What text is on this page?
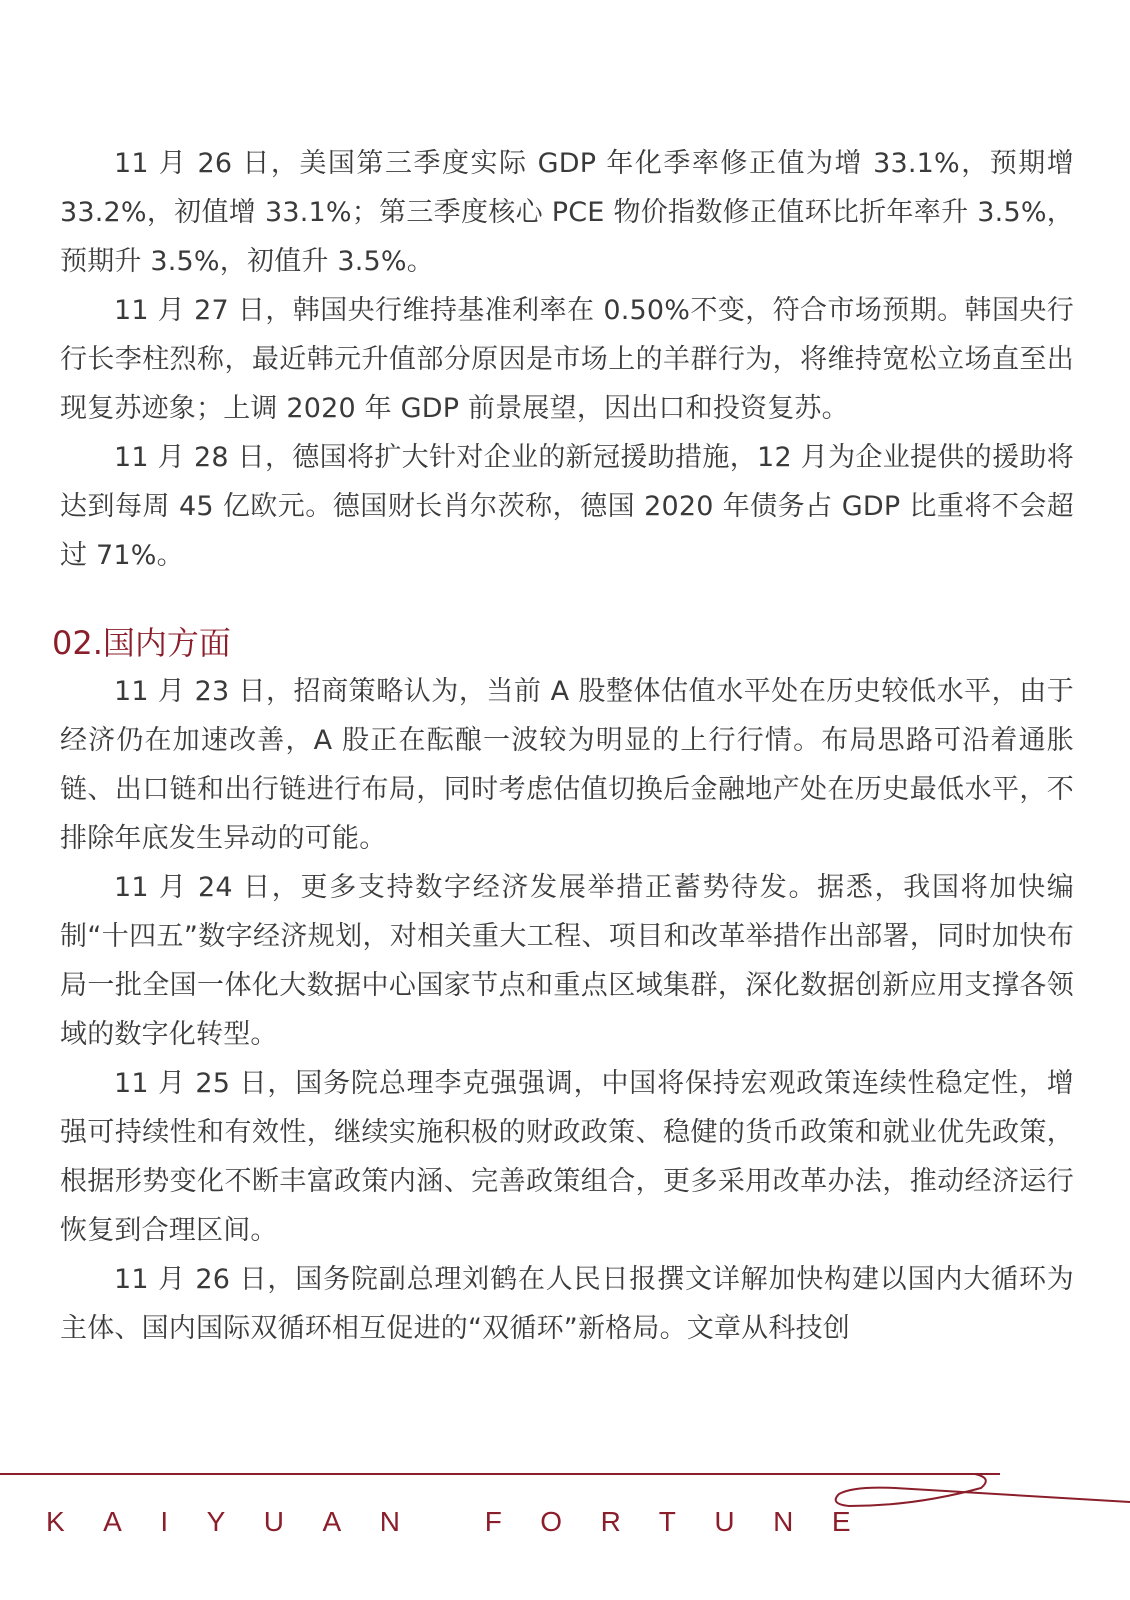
11 月 26 日，美国第三季度实际 GDP 年化季率修正值为增 33.1%，预期增 33.2%，初值增 33.1%；第三季度核心 PCE 物价指数修正值环比折年率升 3.5%，预期升 3.5%，初值升 3.5%。

11 月 27 日，韩国央行维持基准利率在 0.50%不变，符合市场预期。韩国央行行长李柱烈称，最近韩元升值部分原因是市场上的羊群行为，将维持宽松立场直至出现复苏迹象；上调 2020 年 GDP 前景展望，因出口和投资复苏。

11 月 28 日，德国将扩大针对企业的新冠援助措施，12 月为企业提供的援助将达到每周 45 亿欧元。德国财长肖尔茨称，德国 2020 年债务占 GDP 比重将不会超过 71%。

02.国内方面

11 月 23 日，招商策略认为，当前 A 股整体估值水平处在历史较低水平，由于经济仍在加速改善，A 股正在酝酿一波较为明显的上行行情。布局思路可沿着通胀链、出口链和出行链进行布局，同时考虑估值切换后金融地产处在历史最低水平，不排除年底发生异动的可能。

11 月 24 日，更多支持数字经济发展举措正蓄势待发。据悉，我国将加快编制“十四五”数字经济规划，对相关重大工程、项目和改革举措作出部署，同时加快布局一批全国一体化大数据中心国家节点和重点区域集群，深化数据创新应用支撑各领域的数字化转型。

11 月 25 日，国务院总理李克强强调，中国将保持宏观政策连续性稳定性，增强可持续性和有效性，继续实施积极的财政政策、稳健的货币政策和就业优先政策，根据形势变化不断丰富政策内涵、完善政策组合，更多采用改革办法，推动经济运行恢复到合理区间。

11 月 26 日，国务院副总理刘鹤在人民日报撰文详解加快构建以国内大循环为主体、国内国际双循环相互促进的“双循环”新格局。文章从科技创

KAIYUAN FORTUNE
